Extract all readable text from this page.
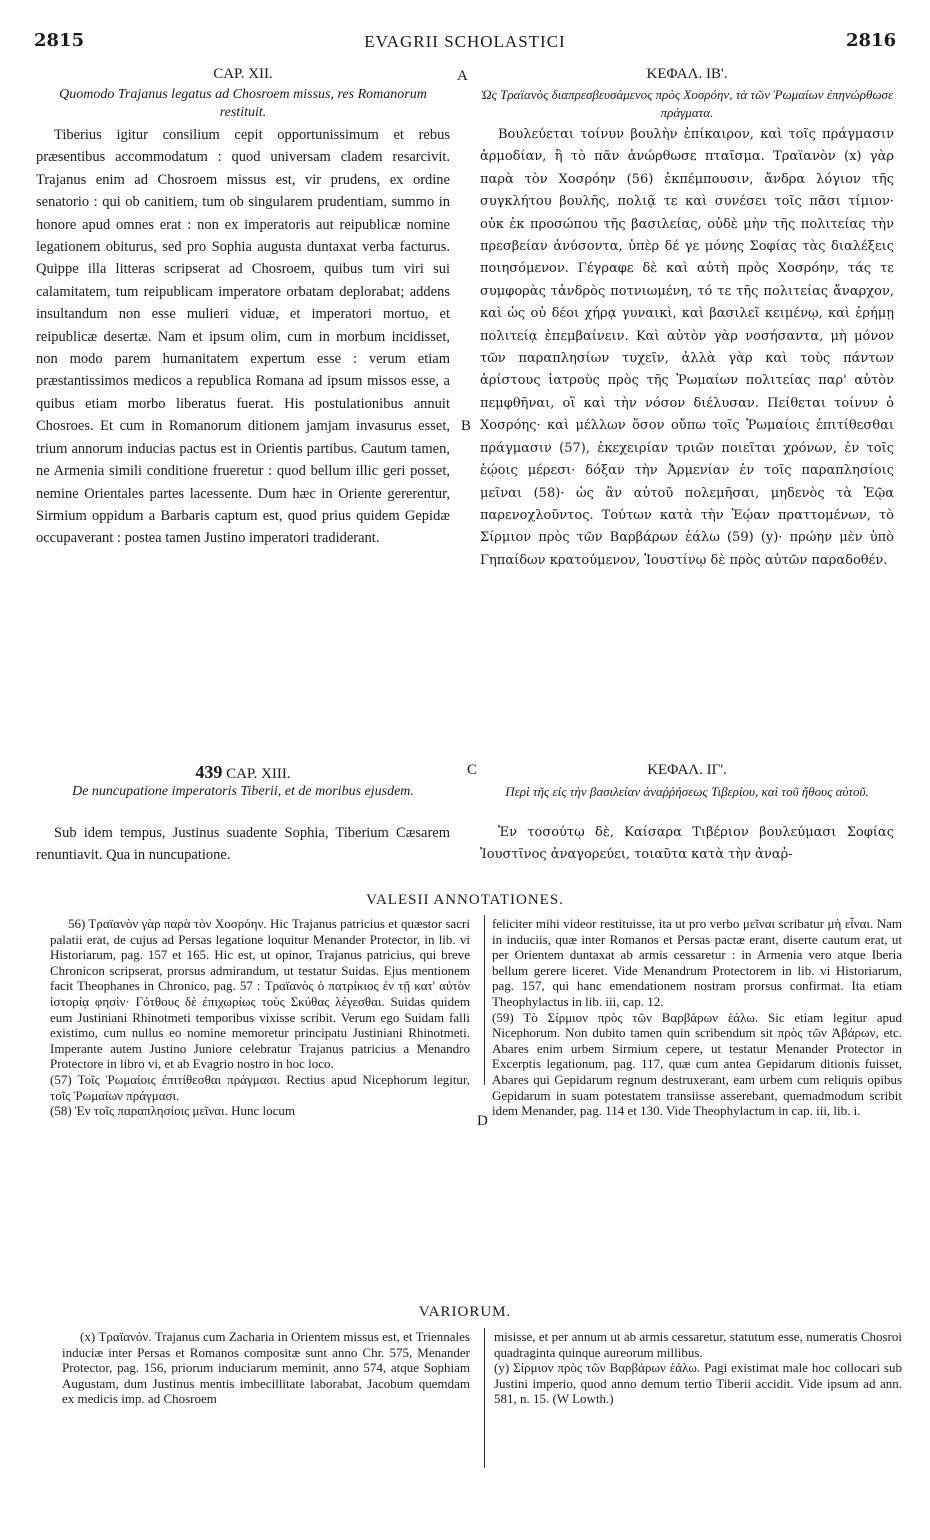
2815	EVAGRII SCHOLASTICI	2816
A
B
C
D
CAP. XII.
Quomodo Trajanus legatus ad Chosroem missus, res Romanorum restituit.
Tiberius igitur consilium cepit opportunissimum et rebus præsentibus accommodatum : quod universam cladem resarcivit. Trajanus enim ad Chosroem missus est, vir prudens, ex ordine senatorio : qui ob canitiem, tum ob singularem prudentiam, summo in honore apud omnes erat : non ex imperatoris aut reipublicæ nomine legationem obiturus, sed pro Sophia augusta duntaxat verba facturus. Quippe illa litteras scripserat ad Chosroem, quibus tum viri sui calamitatem, tum reipublicam imperatore orbatam deplorabat; addens insultandum non esse mulieri viduæ, et imperatori mortuo, et reipublicæ desertæ. Nam et ipsum olim, cum in morbum incidisset, non modo parem humanitatem expertum esse : verum etiam præstantissimos medicos a republica Romana ad ipsum missos esse, a quibus etiam morbo liberatus fuerat. His postulationibus annuit Chosroes. Et cum in Romanorum ditionem jamjam invasurus esset, trium annorum inducias pactus est in Orientis partibus. Cautum tamen, ne Armenia simili conditione frueretur : quod bellum illic geri posset, nemine Orientales partes lacessente. Dum hæc in Oriente gererentur, Sirmium oppidum a Barbaris captum est, quod prius quidem Gepidæ occupaverant : postea tamen Justino imperatori tradiderant.
439 CAP. XIII.
De nuncupatione imperatoris Tiberii, et de moribus ejusdem.
Sub idem tempus, Justinus suadente Sophia, Tiberium Cæsarem renuntiavit. Qua in nuncupatione.
ΚΕΦΑΛ. ΙΒ'.
Ὡς Τραϊανὸς διαπρεσβευσάμενος πρὸς Χοσρόην, τὰ τῶν Ῥωμαίων ἐπηνώρθωσε πράγματα.
Βουλεύεται τοίνυν βουλὴν ἐπίκαιρον, καὶ τοῖς πράγμασιν ἁρμοδίαν, ἣ τὸ πᾶν ἀνώρθωσε πταῖσμα. Τραϊανὸν (x) γὰρ παρὰ τὸν Χοσρόην (56) ἐκπέμπουσιν, ἄνδρα λόγιον τῆς συγκλήτου βουλῆς, πολιᾷ τε καὶ συνέσει τοῖς πᾶσι τίμιον· οὐκ ἐκ προσώπου τῆς βασιλείας, οὐδὲ μὴν τῆς πολιτείας τὴν πρεσβείαν ἀνύσοντα, ὑπὲρ δέ γε μόνης Σοφίας τὰς διαλέξεις ποιησόμενον. Γέγραφε δὲ καὶ αὐτὴ πρὸς Χοσρόην, τάς τε συμφορὰς τἀνδρὸς ποτνιωμένη, τό τε τῆς πολιτείας ἄναρχον, καὶ ὡς οὐ δέοι χήρᾳ γυναικὶ, καὶ βασιλεῖ κειμένῳ, καὶ ἐρήμῃ πολιτείᾳ ἐπεμβαίνειν. Καὶ αὐτὸν γὰρ νοσήσαντα, μὴ μόνον τῶν παραπλησίων τυχεῖν, ἀλλὰ γὰρ καὶ τοὺς πάντων ἀρίστους ἰατροὺς πρὸς τῆς Ῥωμαίων πολιτείας παρ' αὐτὸν πεμφθῆναι, οἳ καὶ τὴν νόσον διέλυσαν. Πείθεται τοίνυν ὁ Χοσρόης· καὶ μέλλων ὅσον οὔπω τοῖς Ῥωμαίοις ἐπιτίθεσθαι πράγμασιν (57), ἐκεχειρίαν τριῶν ποιεῖται χρόνων, ἐν τοῖς ἑῴοις μέρεσι· δόξαν τὴν Ἀρμενίαν ἐν τοῖς παραπλησίοις μεῖναι (58)· ὡς ἂν αὐτοῦ πολεμῆσαι, μηδενὸς τὰ Ἑῷα παρενοχλοῦντος. Τούτων κατὰ τὴν Ἑῴαν πραττομένων, τὸ Σίρμιον πρὸς τῶν Βαρβάρων ἑάλω (59) (y)· πρώην μὲν ὑπὸ Γηπαίδων κρατούμενον, Ἰουστίνῳ δὲ πρὸς αὐτῶν παραδοθέν.
ΚΕΦΑΛ. ΙΓ'.
Περὶ τῆς εἰς τὴν βασιλείαν ἀναῤῥήσεως Τιβερίου, καὶ τοῦ ἤθους αὐτοῦ.
Ἐν τοσούτῳ δὲ, Καίσαρα Τιβέριον βουλεύμασι Σοφίας Ἰουστῖνος ἀναγορεύει, τοιαῦτα κατὰ τὴν ἀναῤ-
VALESII ANNOTATIONES.
56) Τραϊανὸν γὰρ παρὰ τὸν Χοσρόην. Hic Trajanus patricius et quæstor sacri palatii erat, de cujus ad Persas legatione loquitur Menander Protector, in lib. vi Historiarum, pag. 157 et 165. Hic est, ut opinor, Trajanus patricius, qui breve Chronicon scripserat, prorsus admirandum, ut testatur Suidas. Ejus mentionem facit Theophanes in Chronico, pag. 57 : Τραϊανὸς ὁ πατρίκιος ἐν τῇ κατ' αὐτὸν ἱστορίᾳ φησὶν· Γότθους δὲ ἐπιχωρίως τοὺς Σκύθας λέγεσθαι. Suidas quidem eum Justiniani Rhinotmeti temporibus vixisse scribit. Verum ego Suidam falli existimo, cum nullus eo nomine memoretur principatu Justiniani Rhinotmeti. Imperante autem Justino Juniore celebratur Trajanus patricius a Menandro Protectore in libro vi, et ab Evagrio nostro in hoc loco.
(57) Τοῖς Ῥωμαίοις ἐπιτίθεσθαι πράγμασι. Rectius apud Nicephorum legitur, τοῖς Ῥωμαίων πράγμασι.
(58) Ἐν τοῖς παραπλησίοις μεῖναι. Hunc locum
feliciter mihi videor restituisse, ita ut pro verbo μεῖναι scribatur μὴ εἶναι. Nam in induciis, quæ inter Romanos et Persas pactæ erant, diserte cautum erat, ut per Orientem duntaxat ab armis cessaretur : in Armenia vero atque Iberia bellum gerere liceret. Vide Menandrum Protectorem in lib. vi Historiarum, pag. 157, qui hanc emendationem nostram prorsus confirmat. Ita etiam Theophylactus in lib. iii, cap. 12.
(59) Τὸ Σίρμιον πρὸς τῶν Βαρβάρων ἑάλω. Sic etiam legitur apud Nicephorum. Non dubito tamen quin scribendum sit πρὸς τῶν Ἀβάρων, etc. Abares enim urbem Sirmium cepere, ut testatur Menander Protector in Excerptis legationum, pag. 117, quæ cum antea Gepidarum ditionis fuisset, Abares qui Gepidarum regnum destruxerant, eam urbem cum reliquis opibus Gepidarum in suam potestatem transiisse asserebant, quemadmodum scribit idem Menander, pag. 114 et 130. Vide Theophylactum in cap. iii, lib. i.
VARIORUM.
(x) Τραϊανόν. Trajanus cum Zacharia in Orientem missus est, et Triennales induciæ inter Persas et Romanos compositæ sunt anno Chr. 575, Menander Protector, pag. 156, priorum induciarum meminit, anno 574, atque Sophiam Augustam, dum Justinus mentis imbecillitate laborabat, Jacobum quemdam ex medicis imp. ad Chosroem
misisse, et per annum ut ab armis cessaretur, statutum esse, numeratis Chosroi quadraginta quinque aureorum millibus.
(y) Σίρμιον πρὸς τῶν Βαρβάρων ἑάλω. Pagi existimat male hoc collocari sub Justini imperio, quod anno demum tertio Tiberii accidit. Vide ipsum ad ann. 581, n. 15. (W Lowth.)
